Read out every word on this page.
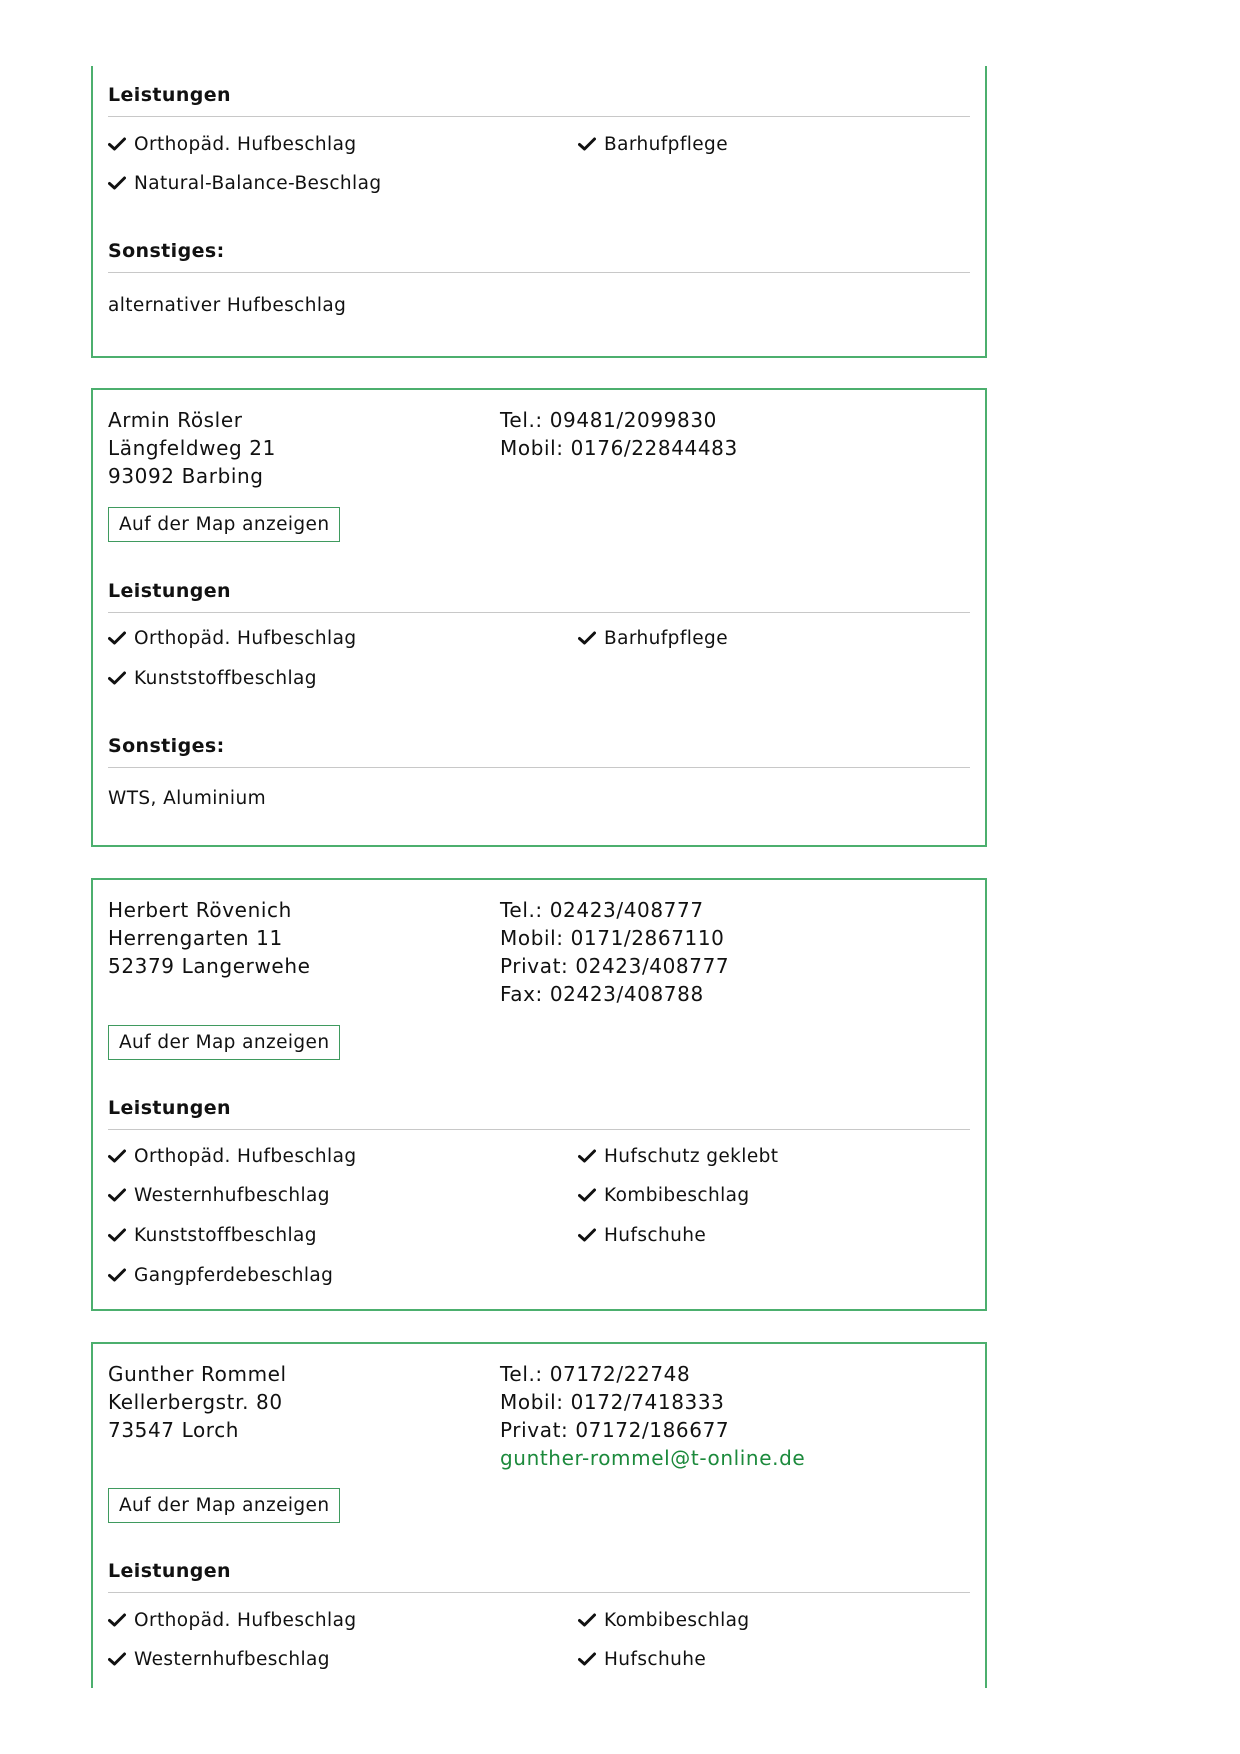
Leistungen
Orthopäd. Hufbeschlag
Natural-Balance-Beschlag
Barhufpflege
Sonstiges:
alternativer Hufbeschlag
Armin Rösler
Längfeldweg 21
93092 Barbing
Tel.: 09481/2099830
Mobil: 0176/22844483
Auf der Map anzeigen
Leistungen
Orthopäd. Hufbeschlag
Kunststoffbeschlag
Barhufpflege
Sonstiges:
WTS, Aluminium
Herbert Rövenich
Herrengarten 11
52379 Langerwehe
Tel.: 02423/408777
Mobil: 0171/2867110
Privat: 02423/408777
Fax: 02423/408788
Auf der Map anzeigen
Leistungen
Orthopäd. Hufbeschlag
Westernhufbeschlag
Kunststoffbeschlag
Gangpferdebeschlag
Hufschutz geklebt
Kombibeschlag
Hufschuhe
Gunther Rommel
Kellerbergstr. 80
73547 Lorch
Tel.: 07172/22748
Mobil: 0172/7418333
Privat: 07172/186677
gunther-rommel@t-online.de
Auf der Map anzeigen
Leistungen
Orthopäd. Hufbeschlag
Westernhufbeschlag
Kombibeschlag
Hufschuhe
